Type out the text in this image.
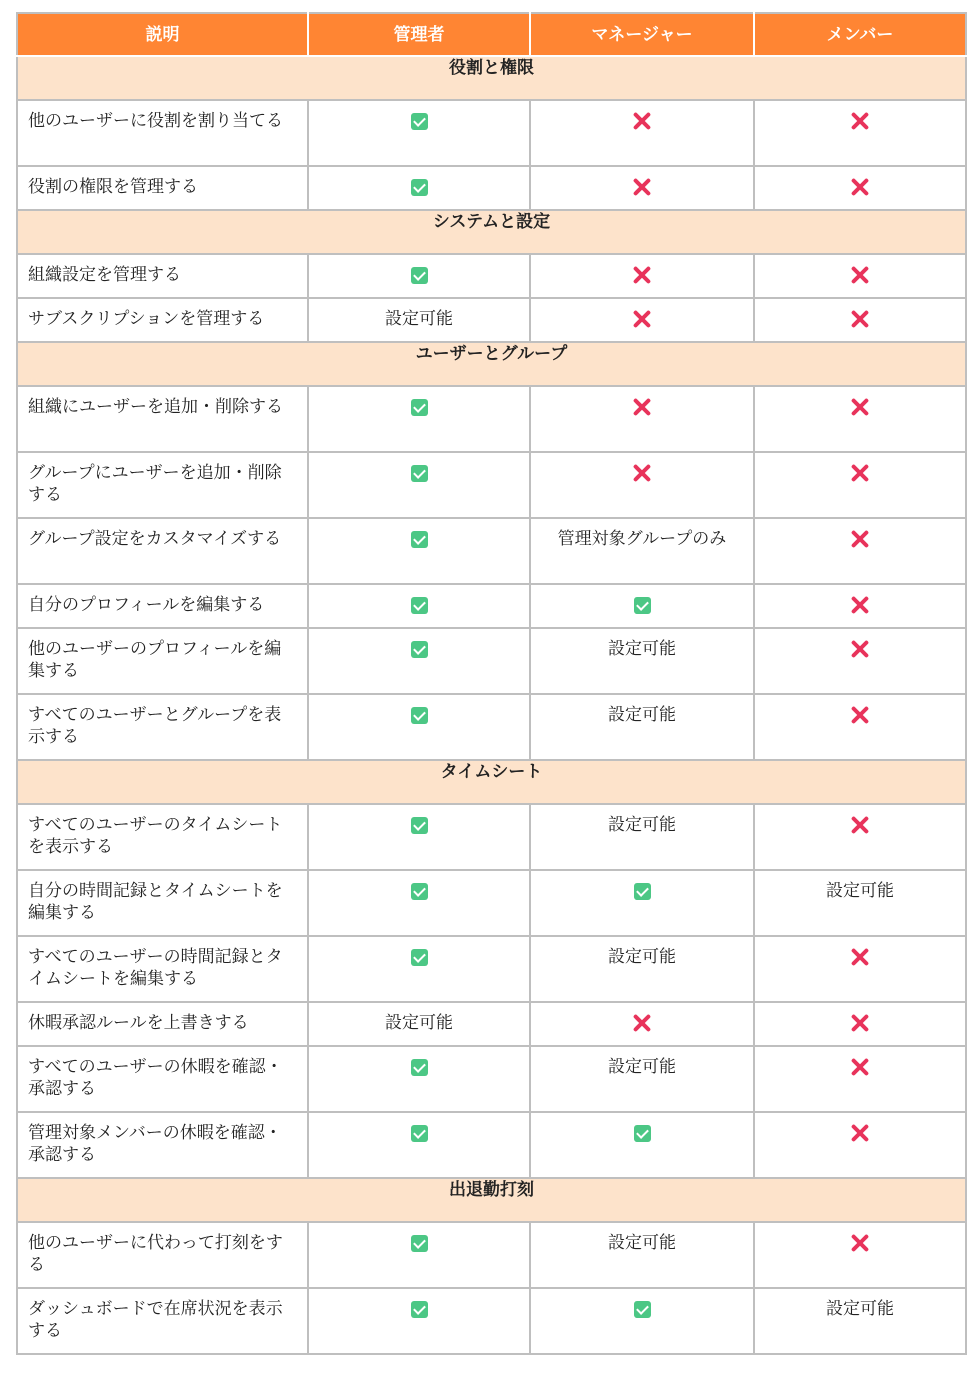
説明	管理者	マネージャー	メンバー
役割と権限			
他のユーザーに役割を割り当てる			
役割の権限を管理する			
システムと設定			
組織設定を管理する			
サブスクリプションを管理する	設定可能		
ユーザーとグループ			
組織にユーザーを追加・削除する			
グループにユーザーを追加・削除する			
グループ設定をカスタマイズする		管理対象グループのみ	
自分のプロフィールを編集する			
他のユーザーのプロフィールを編集する		設定可能	
すべてのユーザーとグループを表示する		設定可能	
タイムシート			
すべてのユーザーのタイムシートを表示する		設定可能	
自分の時間記録とタイムシートを編集する			設定可能
すべてのユーザーの時間記録とタイムシートを編集する		設定可能	
休暇承認ルールを上書きする	設定可能		
すべてのユーザーの休暇を確認・承認する		設定可能	
管理対象メンバーの休暇を確認・承認する			
出退勤打刻			
他のユーザーに代わって打刻をする		設定可能	
ダッシュボードで在席状況を表示する			設定可能
